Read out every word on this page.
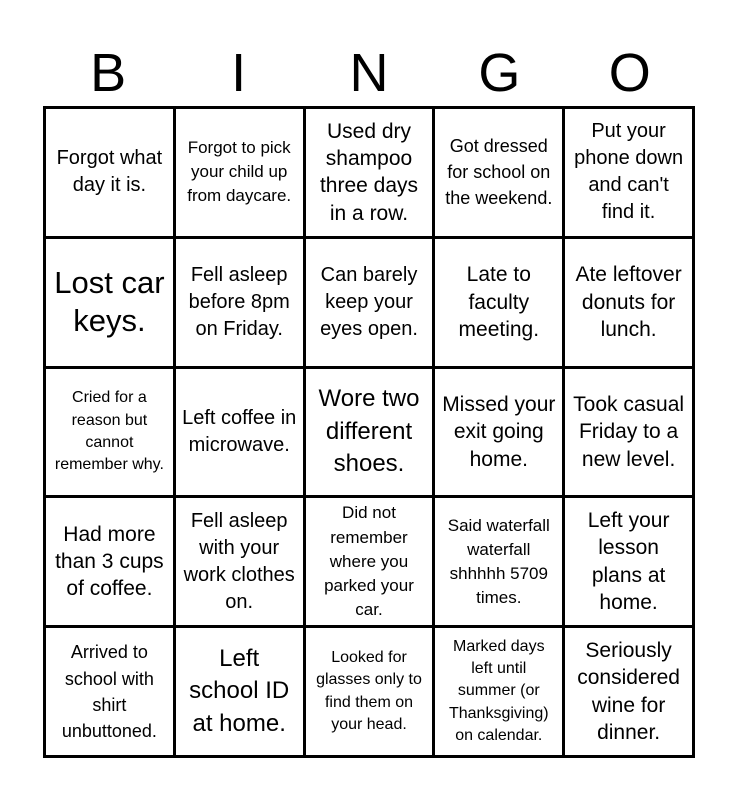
B	I	N	G	O
Forgot what day it is.
Forgot to pick your child up from daycare.
Used dry shampoo three days in a row.
Got dressed for school on the weekend.
Put your phone down and can't find it.
Lost car keys.
Fell asleep before 8pm on Friday.
Can barely keep your eyes open.
Late to faculty meeting.
Ate leftover donuts for lunch.
Cried for a reason but cannot remember why.
Left coffee in microwave.
Wore two different shoes.
Missed your exit going home.
Took casual Friday to a new level.
Had more than 3 cups of coffee.
Fell asleep with your work clothes on.
Did not remember where you parked your car.
Said waterfall waterfall shhhhh 5709 times.
Left your lesson plans at home.
Arrived to school with shirt unbuttoned.
Left school ID at home.
Looked for glasses only to find them on your head.
Marked days left until summer (or Thanksgiving) on calendar.
Seriously considered wine for dinner.
